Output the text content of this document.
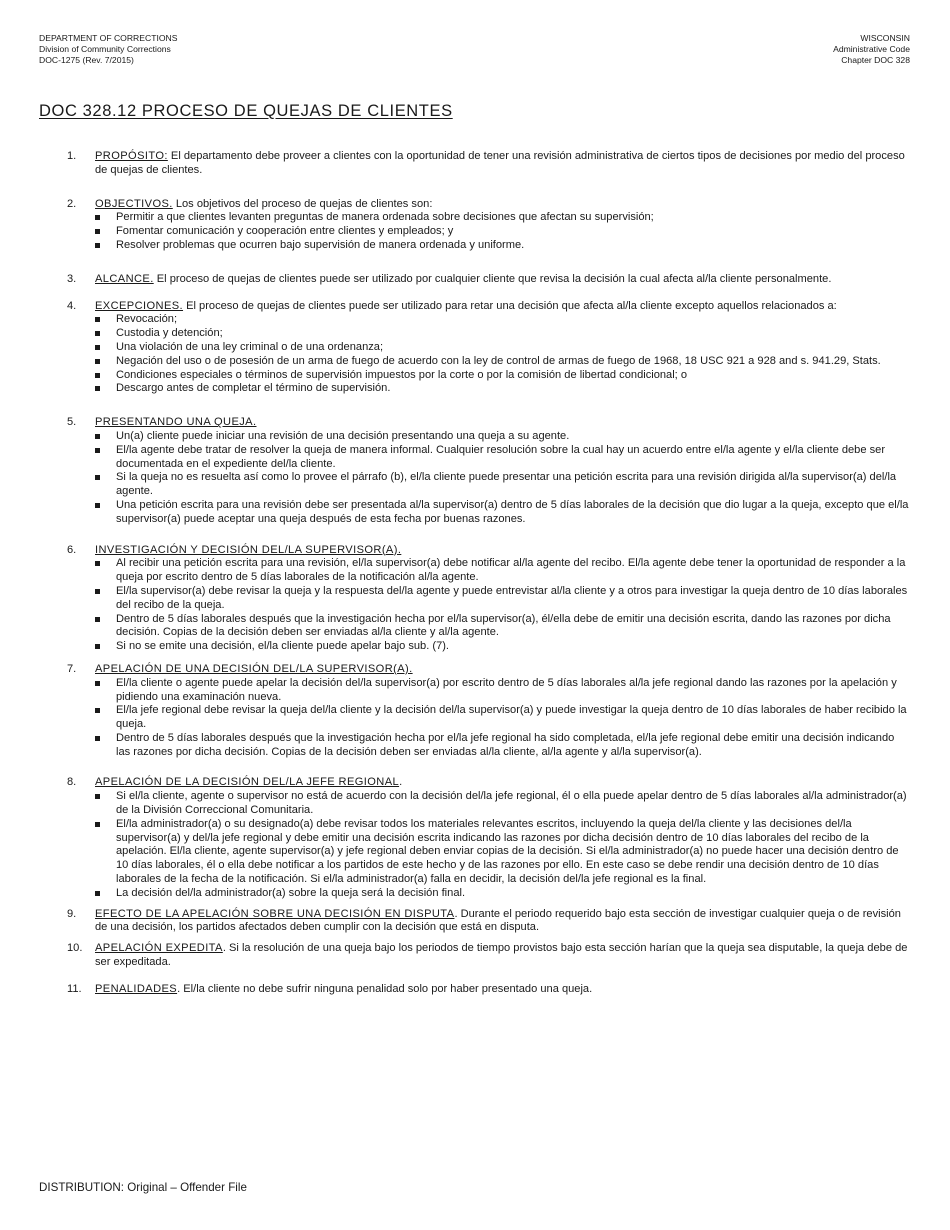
DEPARTMENT OF CORRECTIONS
Division of Community Corrections
DOC-1275 (Rev. 7/2015)
WISCONSIN
Administrative Code
Chapter DOC 328
DOC 328.12 PROCESO DE QUEJAS DE CLIENTES
1. PROPÓSITO: El departamento debe proveer a clientes con la oportunidad de tener una revisión administrativa de ciertos tipos de decisiones por medio del proceso de quejas de clientes.
2. OBJECTIVOS. Los objetivos del proceso de quejas de clientes son:
Permitir a que clientes levanten preguntas de manera ordenada sobre decisiones que afectan su supervisión;
Fomentar comunicación y cooperación entre clientes y empleados; y
Resolver problemas que ocurren bajo supervisión de manera ordenada y uniforme.
3. ALCANCE. El proceso de quejas de clientes puede ser utilizado por cualquier cliente que revisa la decisión la cual afecta al/la cliente personalmente.
4. EXCEPCIONES. El proceso de quejas de clientes puede ser utilizado para retar una decisión que afecta al/la cliente excepto aquellos relacionados a:
Revocación;
Custodia y detención;
Una violación de una ley criminal o de una ordenanza;
Negación del uso o de posesión de un arma de fuego de acuerdo con la ley de control de armas de fuego de 1968, 18 USC 921 a 928 and s. 941.29, Stats.
Condiciones especiales o términos de supervisión impuestos por la corte o por la comisión de libertad condicional; o
Descargo antes de completar el término de supervisión.
5. PRESENTANDO UNA QUEJA.
Un(a) cliente puede iniciar una revisión de una decisión presentando una queja a su agente.
El/la agente debe tratar de resolver la queja de manera informal. Cualquier resolución sobre la cual hay un acuerdo entre el/la agente y el/la cliente debe ser documentada en el expediente del/la cliente.
Si la queja no es resuelta así como lo provee el párrafo (b), el/la cliente puede presentar una petición escrita para una revisión dirigida al/la supervisor(a) del/la agente.
Una petición escrita para una revisión debe ser presentada al/la supervisor(a) dentro de 5 días laborales de la decisión que dio lugar a la queja, excepto que el/la supervisor(a) puede aceptar una queja después de esta fecha por buenas razones.
6. INVESTIGACIÓN Y DECISIÓN DEL/LA SUPERVISOR(A).
Al recibir una petición escrita para una revisión, el/la supervisor(a) debe notificar al/la agente del recibo. El/la agente debe tener la oportunidad de responder a la queja por escrito dentro de 5 días laborales de la notificación al/la agente.
El/la supervisor(a) debe revisar la queja y la respuesta del/la agente y puede entrevistar al/la cliente y a otros para investigar la queja dentro de 10 días laborales del recibo de la queja.
Dentro de 5 días laborales después que la investigación hecha por el/la supervisor(a), él/ella debe de emitir una decisión escrita, dando las razones por dicha decisión. Copias de la decisión deben ser enviadas al/la cliente y al/la agente.
Si no se emite una decisión, el/la cliente puede apelar bajo sub. (7).
7. APELACIÓN DE UNA DECISIÓN DEL/LA SUPERVISOR(A).
El/la cliente o agente puede apelar la decisión del/la supervisor(a) por escrito dentro de 5 días laborales al/la jefe regional dando las razones por la apelación y pidiendo una examinación nueva.
El/la jefe regional debe revisar la queja del/la cliente y la decisión del/la supervisor(a) y puede investigar la queja dentro de 10 días laborales de haber recibido la queja.
Dentro de 5 días laborales después que la investigación hecha por el/la jefe regional ha sido completada, el/la jefe regional debe emitir una decisión indicando las razones por dicha decisión. Copias de la decisión deben ser enviadas al/la cliente, al/la agente y al/la supervisor(a).
8. APELACIÓN DE LA DECISIÓN DEL/LA JEFE REGIONAL.
Si el/la cliente, agente o supervisor no está de acuerdo con la decisión del/la jefe regional, él o ella puede apelar dentro de 5 días laborales al/la administrador(a) de la División Correccional Comunitaria.
El/la administrador(a) o su designado(a) debe revisar todos los materiales relevantes escritos, incluyendo la queja del/la cliente y las decisiones del/la supervisor(a) y del/la jefe regional y debe emitir una decisión escrita indicando las razones por dicha decisión dentro de 10 días laborales del recibo de la apelación. El/la cliente, agente supervisor(a) y jefe regional deben enviar copias de la decisión. Si el/la administrador(a) no puede hacer una decisión dentro de 10 días laborales, él o ella debe notificar a los partidos de este hecho y de las razones por ello. En este caso se debe rendir una decisión dentro de 10 días laborales de la fecha de la notificación. Si el/la administrador(a) falla en decidir, la decisión del/la jefe regional es la final.
La decisión del/la administrador(a) sobre la queja será la decisión final.
9. EFECTO DE LA APELACIÓN SOBRE UNA DECISIÓN EN DISPUTA. Durante el periodo requerido bajo esta sección de investigar cualquier queja o de revisión de una decisión, los partidos afectados deben cumplir con la decisión que está en disputa.
10. APELACIÓN EXPEDITA. Si la resolución de una queja bajo los periodos de tiempo provistos bajo esta sección harían que la queja sea disputable, la queja debe de ser expeditada.
11. PENALIDADES. El/la cliente no debe sufrir ninguna penalidad solo por haber presentado una queja.
DISTRIBUTION: Original – Offender File
